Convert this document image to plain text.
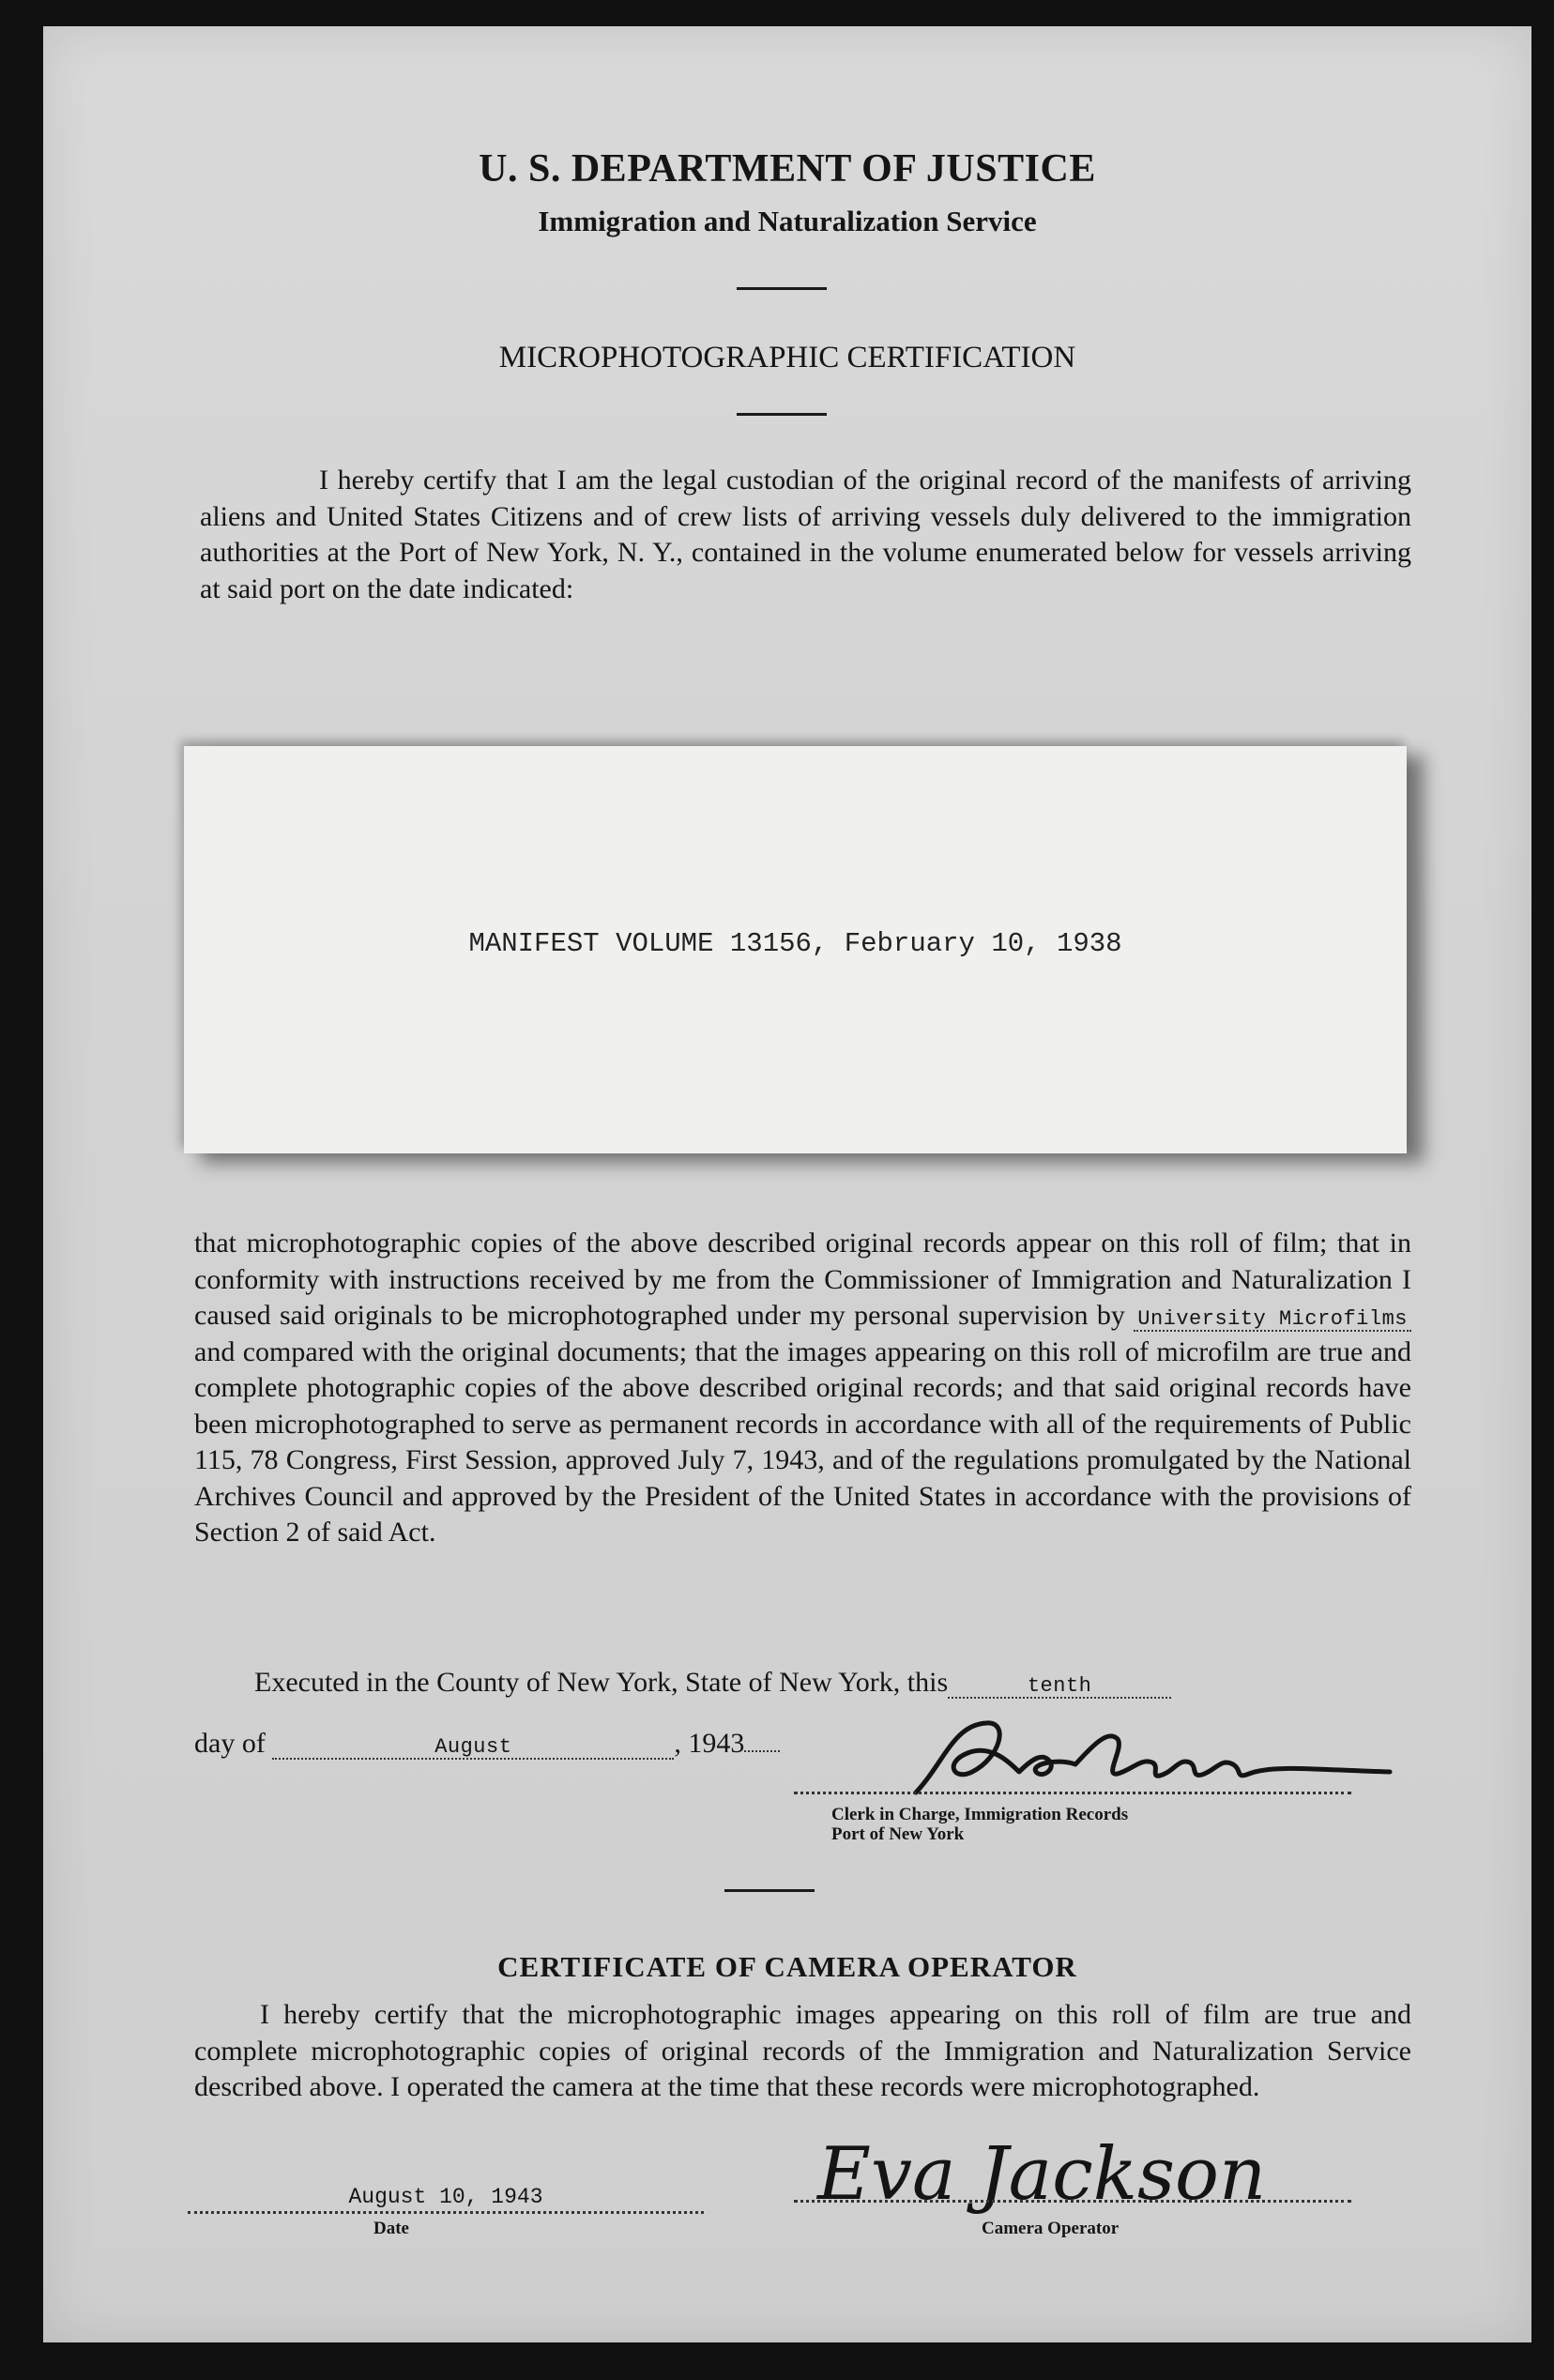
U. S. DEPARTMENT OF JUSTICE
Immigration and Naturalization Service
MICROPHOTOGRAPHIC CERTIFICATION
I hereby certify that I am the legal custodian of the original record of the manifests of arriving aliens and United States Citizens and of crew lists of arriving vessels duly delivered to the immigration authorities at the Port of New York, N. Y., contained in the volume enumerated below for vessels arriving at said port on the date indicated:
MANIFEST VOLUME 13156, February 10, 1938
that microphotographic copies of the above described original records appear on this roll of film; that in conformity with instructions received by me from the Commissioner of Immigration and Naturalization I caused said originals to be microphotographed under my personal supervision by University Microfilms and compared with the original documents; that the images appearing on this roll of microfilm are true and complete photographic copies of the above described original records; and that said original records have been microphotographed to serve as permanent records in accordance with all of the requirements of Public 115, 78 Congress, First Session, approved July 7, 1943, and of the regulations promulgated by the National Archives Council and approved by the President of the United States in accordance with the provisions of Section 2 of said Act.
Executed in the County of New York, State of New York, this	tenth
day of	August	, 1943
Clerk in Charge, Immigration Records
Port of New York
CERTIFICATE OF CAMERA OPERATOR
I hereby certify that the microphotographic images appearing on this roll of film are true and complete microphotographic copies of original records of the Immigration and Naturalization Service described above. I operated the camera at the time that these records were microphotographed.
August 10, 1943
Date
Eva Jackson
Camera Operator
